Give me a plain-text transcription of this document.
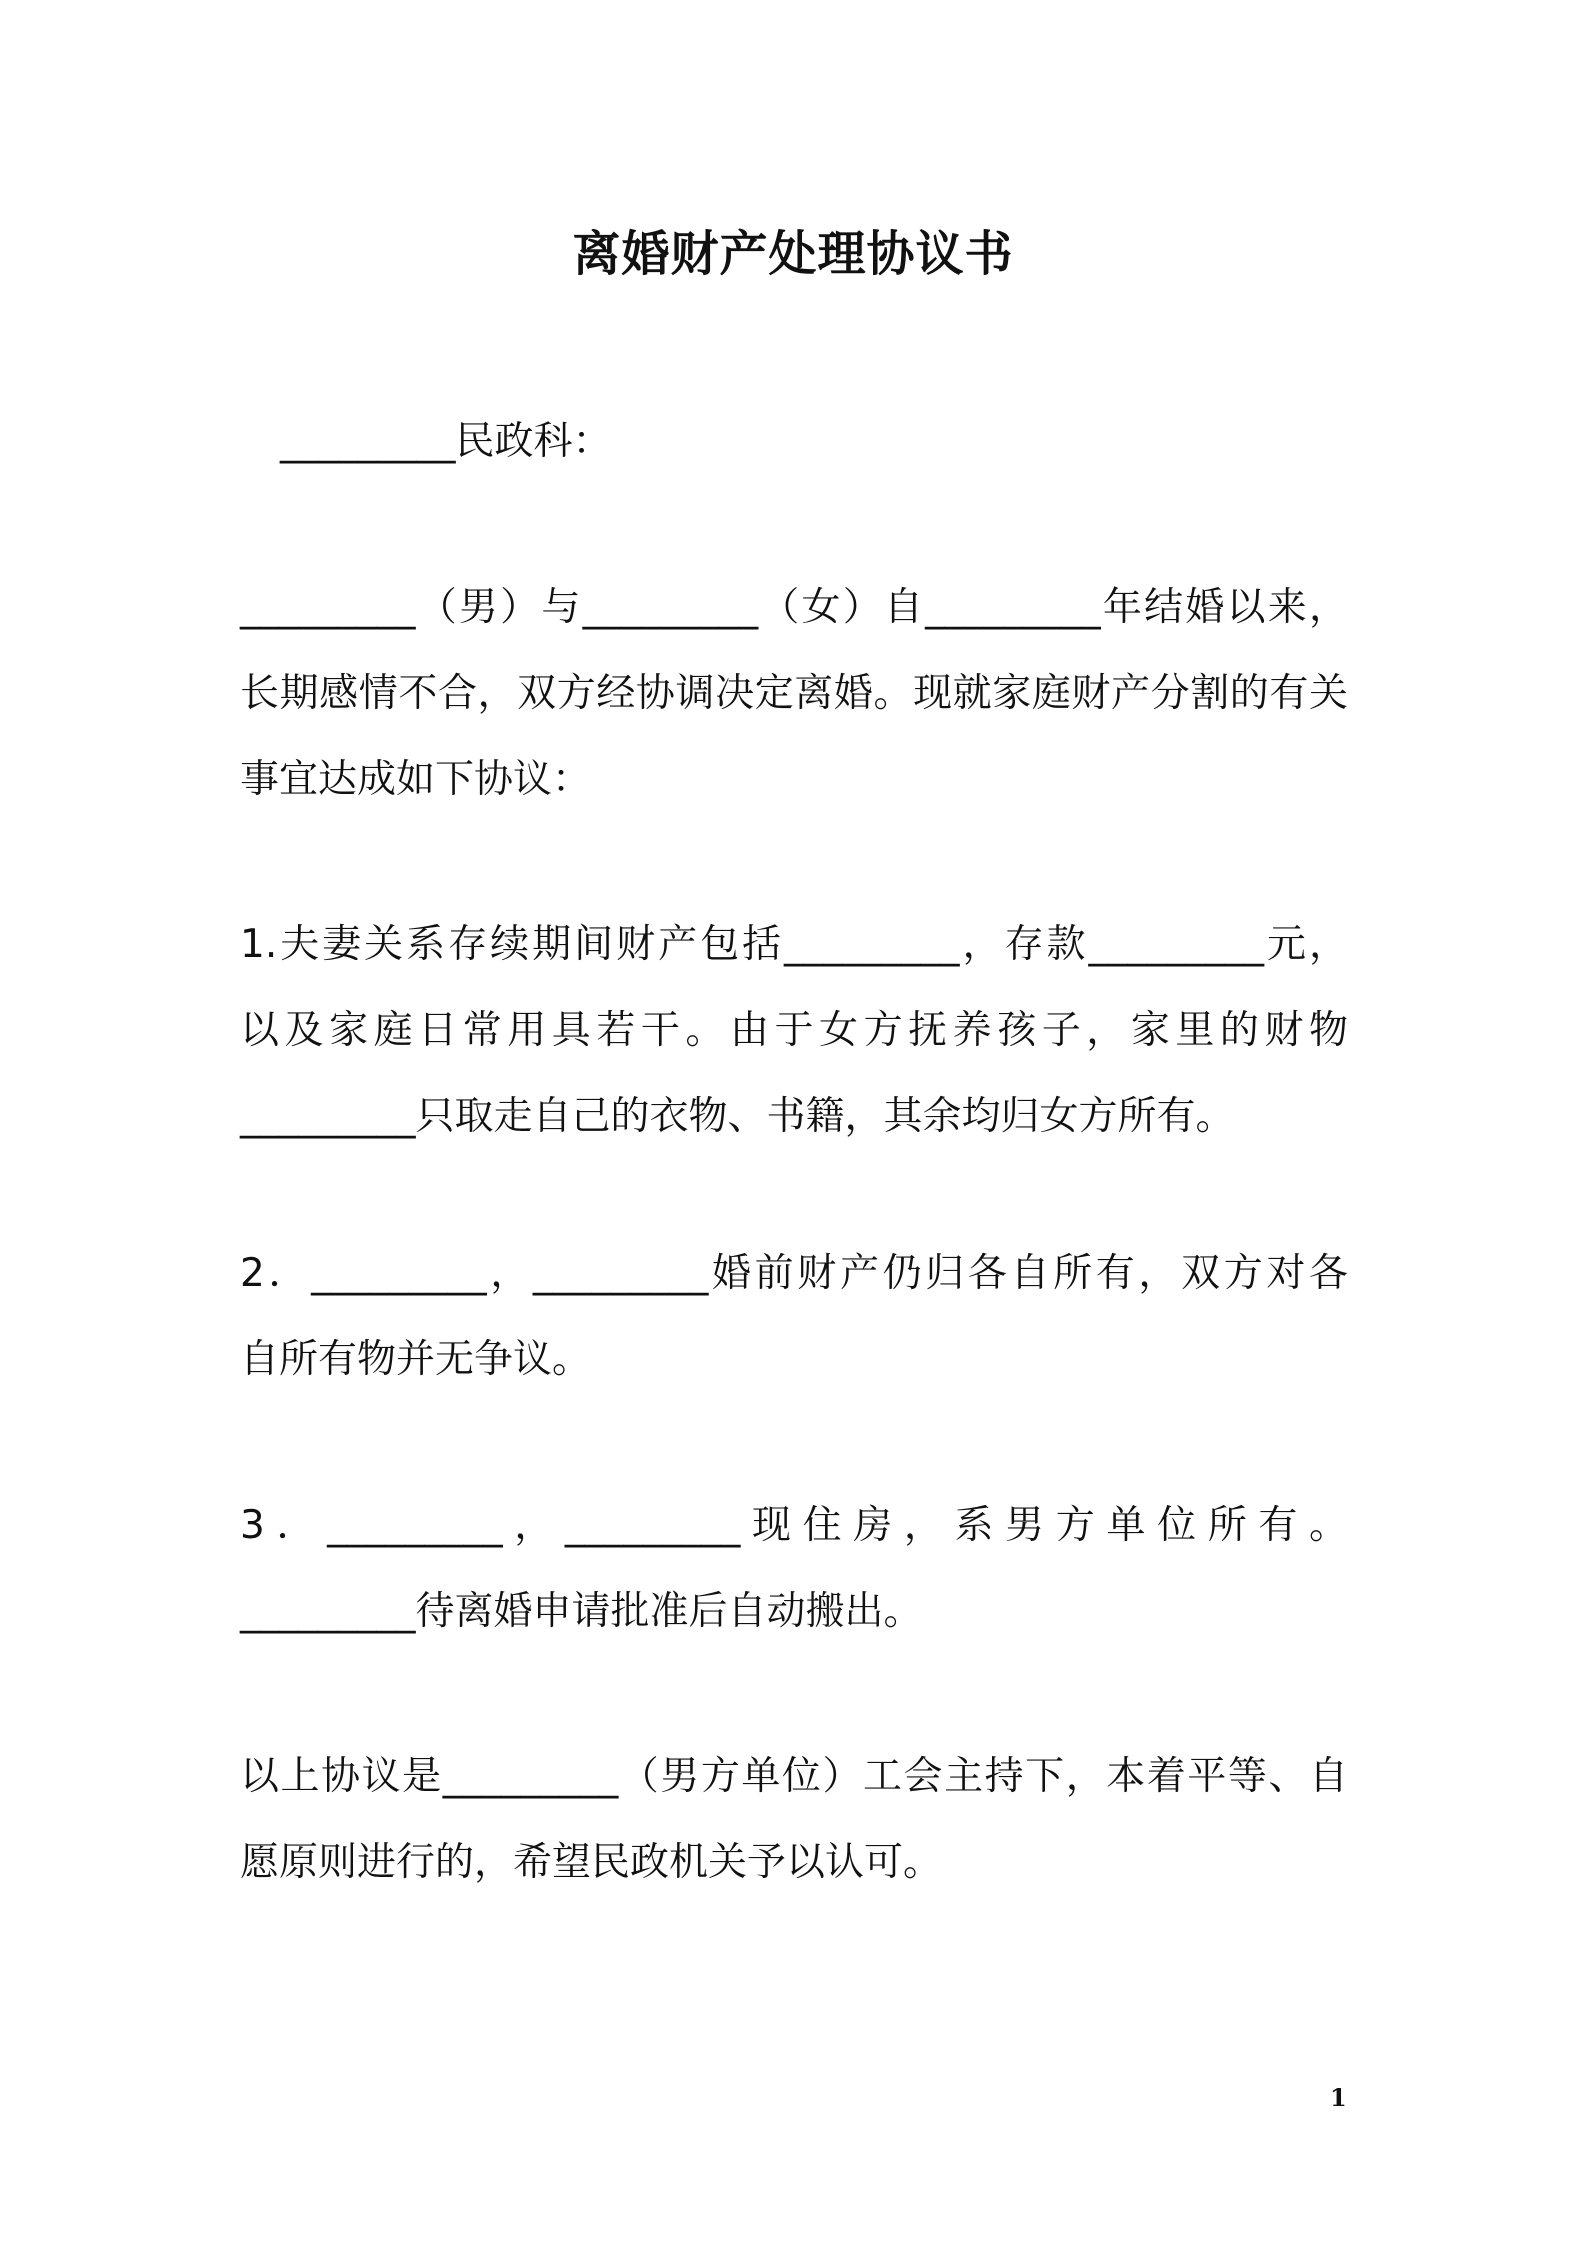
离婚财产处理协议书
_________民政科：
_________（男）与_________（女）自_________年结婚以来，
长期感情不合，双方经协调决定离婚。现就家庭财产分割的有关
事宜达成如下协议：
1.夫妻关系存续期间财产包括_________，存款_________元，
以及家庭日常用具若干。由于女方抚养孩子，家里的财物
_________只取走自己的衣物、书籍，其余均归女方所有。
2．_________，_________婚前财产仍归各自所有，双方对各
自所有物并无争议。
3．_________，_________现住房，系男方单位所有。
_________待离婚申请批准后自动搬出。
以上协议是_________（男方单位）工会主持下，本着平等、自
愿原则进行的，希望民政机关予以认可。
1
